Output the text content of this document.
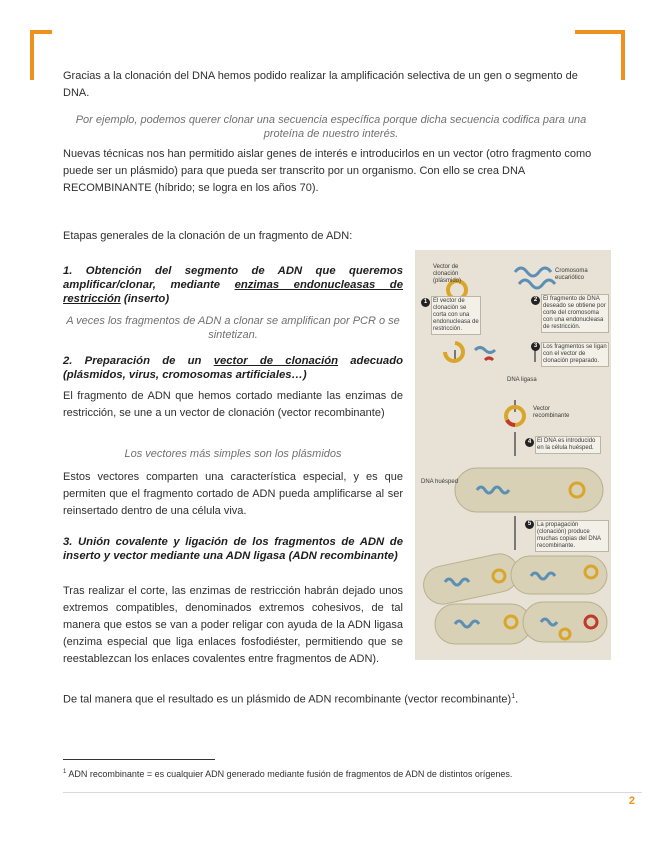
Gracias a la clonación del DNA hemos podido realizar la amplificación selectiva de un gen o segmento de DNA.

Por ejemplo, podemos querer clonar una secuencia específica porque dicha secuencia codifica para una proteína de nuestro interés.

Nuevas técnicas nos han permitido aislar genes de interés e introducirlos en un vector (otro fragmento como puede ser un plásmido) para que pueda ser transcrito por un organismo. Con ello se crea DNA RECOMBINANTE (híbrido; se logra en los años 70).

Etapas generales de la clonación de un fragmento de ADN:

1. Obtención del segmento de ADN que queremos amplificar/clonar, mediante enzimas endonucleasas de restricción (inserto)

A veces los fragmentos de ADN a clonar se amplifican por PCR o se sintetizan.

2. Preparación de un vector de clonación adecuado (plásmidos, virus, cromosomas artificiales…)

El fragmento de ADN que hemos cortado mediante las enzimas de restricción, se une a un vector de clonación (vector recombinante)

Los vectores más simples son los plásmidos

Estos vectores comparten una característica especial, y es que permiten que el fragmento cortado de ADN pueda amplificarse al ser reinsertado dentro de una célula viva.

3. Unión covalente y ligación de los fragmentos de ADN de inserto y vector mediante una ADN ligasa (ADN recombinante)

Tras realizar el corte, las enzimas de restricción habrán dejado unos extremos compatibles, denominados extremos cohesivos, de tal manera que estos se van a poder religar con ayuda de la ADN ligasa (enzima especial que liga enlaces fosfodiéster, permitiendo que se reestablezcan los enlaces covalentes entre fragmentos de ADN).

De tal manera que el resultado es un plásmido de ADN recombinante (vector recombinante)$^1$.

Vector de clonación (plásmido)
Cromosoma eucariótico
1 El vector de clonación se corta con una endonucleasa de restricción.
2 El fragmento de DNA deseado se obtiene por corte del cromosoma con una endonucleasa de restricción.
3 Los fragmentos se ligan con el vector de clonación preparado.
DNA ligasa
Vector recombinante
4 El DNA es introducido en la célula huésped.
DNA huésped
5 La propagación (clonación) produce muchas copias del DNA recombinante.

$^1$ ADN recombinante = es cualquier ADN generado mediante fusión de fragmentos de ADN de distintos orígenes.

2
